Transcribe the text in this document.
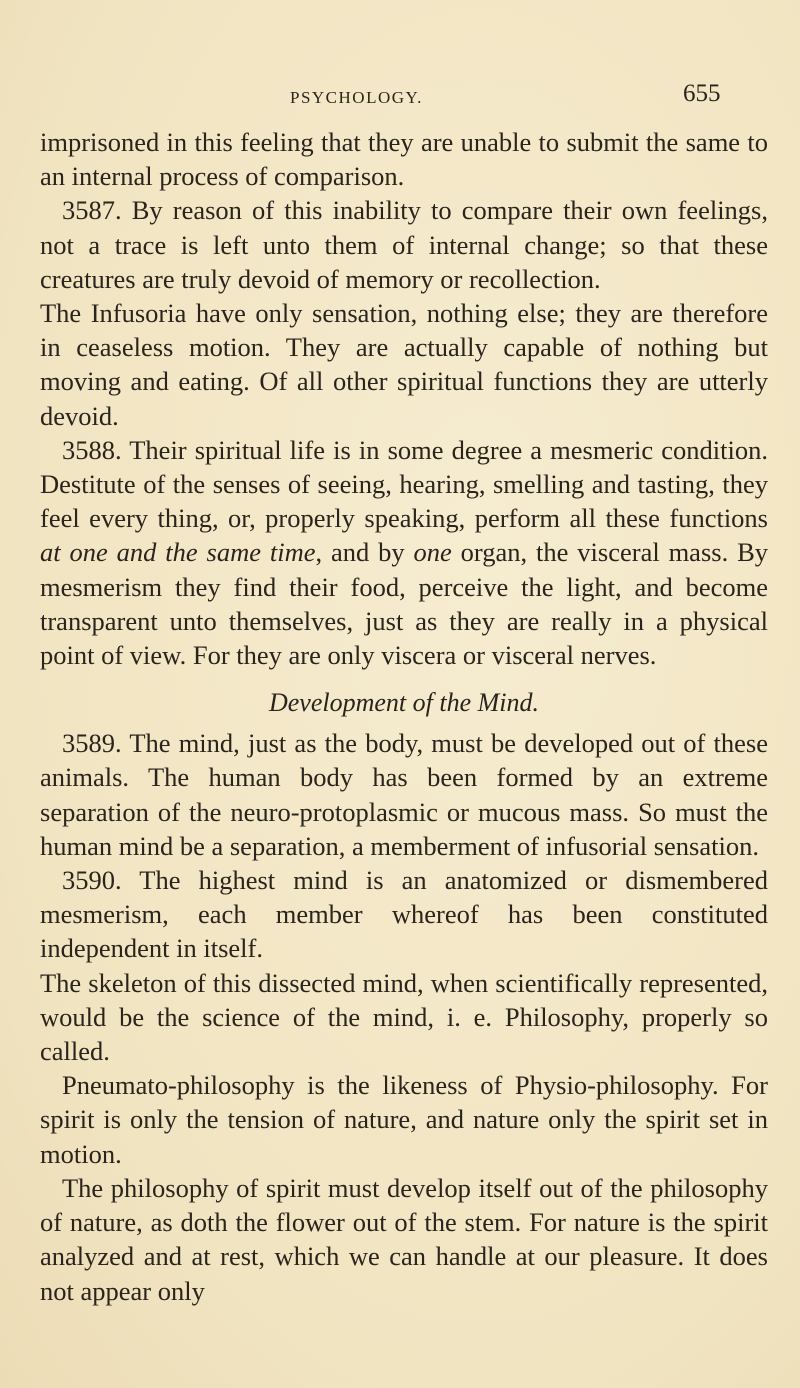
PSYCHOLOGY.	655

imprisoned in this feeling that they are unable to submit the same to an internal process of comparison.

3587. By reason of this inability to compare their own feelings, not a trace is left unto them of internal change; so that these creatures are truly devoid of memory or recollection.

The Infusoria have only sensation, nothing else; they are therefore in ceaseless motion. They are actually capable of nothing but moving and eating. Of all other spiritual functions they are utterly devoid.

3588. Their spiritual life is in some degree a mesmeric condition. Destitute of the senses of seeing, hearing, smelling and tasting, they feel every thing, or, properly speaking, perform all these functions at one and the same time, and by one organ, the visceral mass. By mesmerism they find their food, perceive the light, and become transparent unto themselves, just as they are really in a physical point of view. For they are only viscera or visceral nerves.

Development of the Mind.

3589. The mind, just as the body, must be developed out of these animals. The human body has been formed by an extreme separation of the neuro-protoplasmic or mucous mass. So must the human mind be a separation, a memberment of infusorial sensation.

3590. The highest mind is an anatomized or dismembered mesmerism, each member whereof has been constituted independent in itself.

The skeleton of this dissected mind, when scientifically represented, would be the science of the mind, i. e. Philosophy, properly so called.

Pneumato-philosophy is the likeness of Physio-philosophy. For spirit is only the tension of nature, and nature only the spirit set in motion.

The philosophy of spirit must develop itself out of the philosophy of nature, as doth the flower out of the stem. For nature is the spirit analyzed and at rest, which we can handle at our pleasure. It does not appear only
